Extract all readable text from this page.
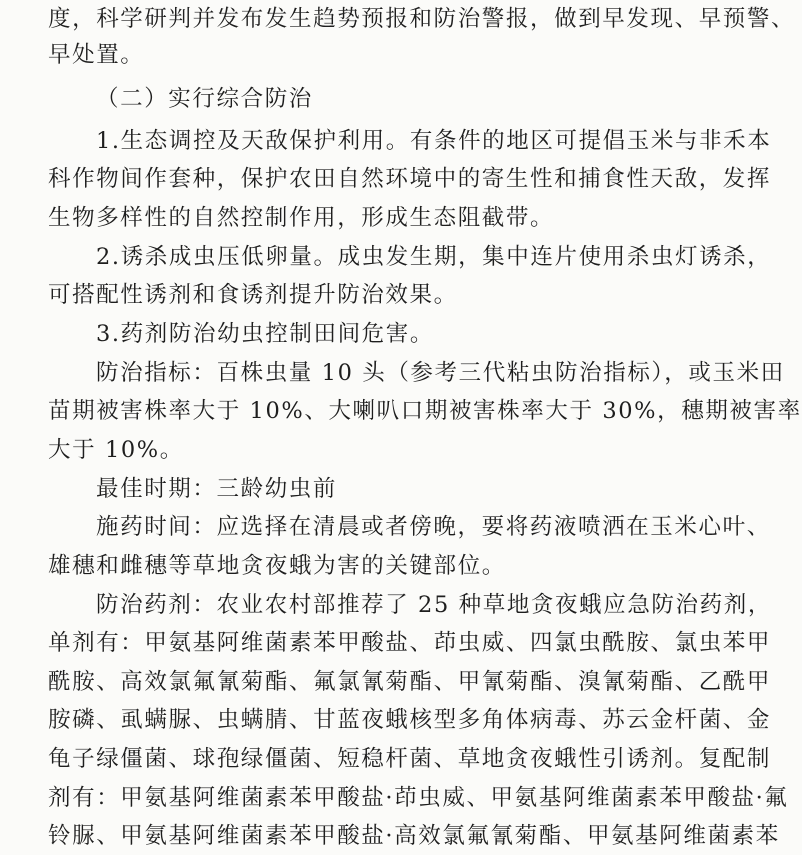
度，科学研判并发布发生趋势预报和防治警报，做到早发现、早预警、
早处置。
（二）实行综合防治
1.生态调控及天敌保护利用。有条件的地区可提倡玉米与非禾本
科作物间作套种，保护农田自然环境中的寄生性和捕食性天敌，发挥
生物多样性的自然控制作用，形成生态阻截带。
2.诱杀成虫压低卵量。成虫发生期，集中连片使用杀虫灯诱杀，
可搭配性诱剂和食诱剂提升防治效果。
3.药剂防治幼虫控制田间危害。
防治指标：百株虫量 10 头（参考三代粘虫防治指标），或玉米田
苗期被害株率大于 10%、大喇叭口期被害株率大于 30%，穗期被害率
大于 10%。
最佳时期：三龄幼虫前
施药时间：应选择在清晨或者傍晚，要将药液喷洒在玉米心叶、
雄穗和雌穗等草地贪夜蛾为害的关键部位。
防治药剂：农业农村部推荐了 25 种草地贪夜蛾应急防治药剂，
单剂有：甲氨基阿维菌素苯甲酸盐、茚虫威、四氯虫酰胺、氯虫苯甲
酰胺、高效氯氟氰菊酯、氟氯氰菊酯、甲氰菊酯、溴氰菊酯、乙酰甲
胺磷、虱螨脲、虫螨腈、甘蓝夜蛾核型多角体病毒、苏云金杆菌、金
龟子绿僵菌、球孢绿僵菌、短稳杆菌、草地贪夜蛾性引诱剂。复配制
剂有：甲氨基阿维菌素苯甲酸盐·茚虫威、甲氨基阿维菌素苯甲酸盐·氟
铃脲、甲氨基阿维菌素苯甲酸盐·高效氯氟氰菊酯、甲氨基阿维菌素苯
